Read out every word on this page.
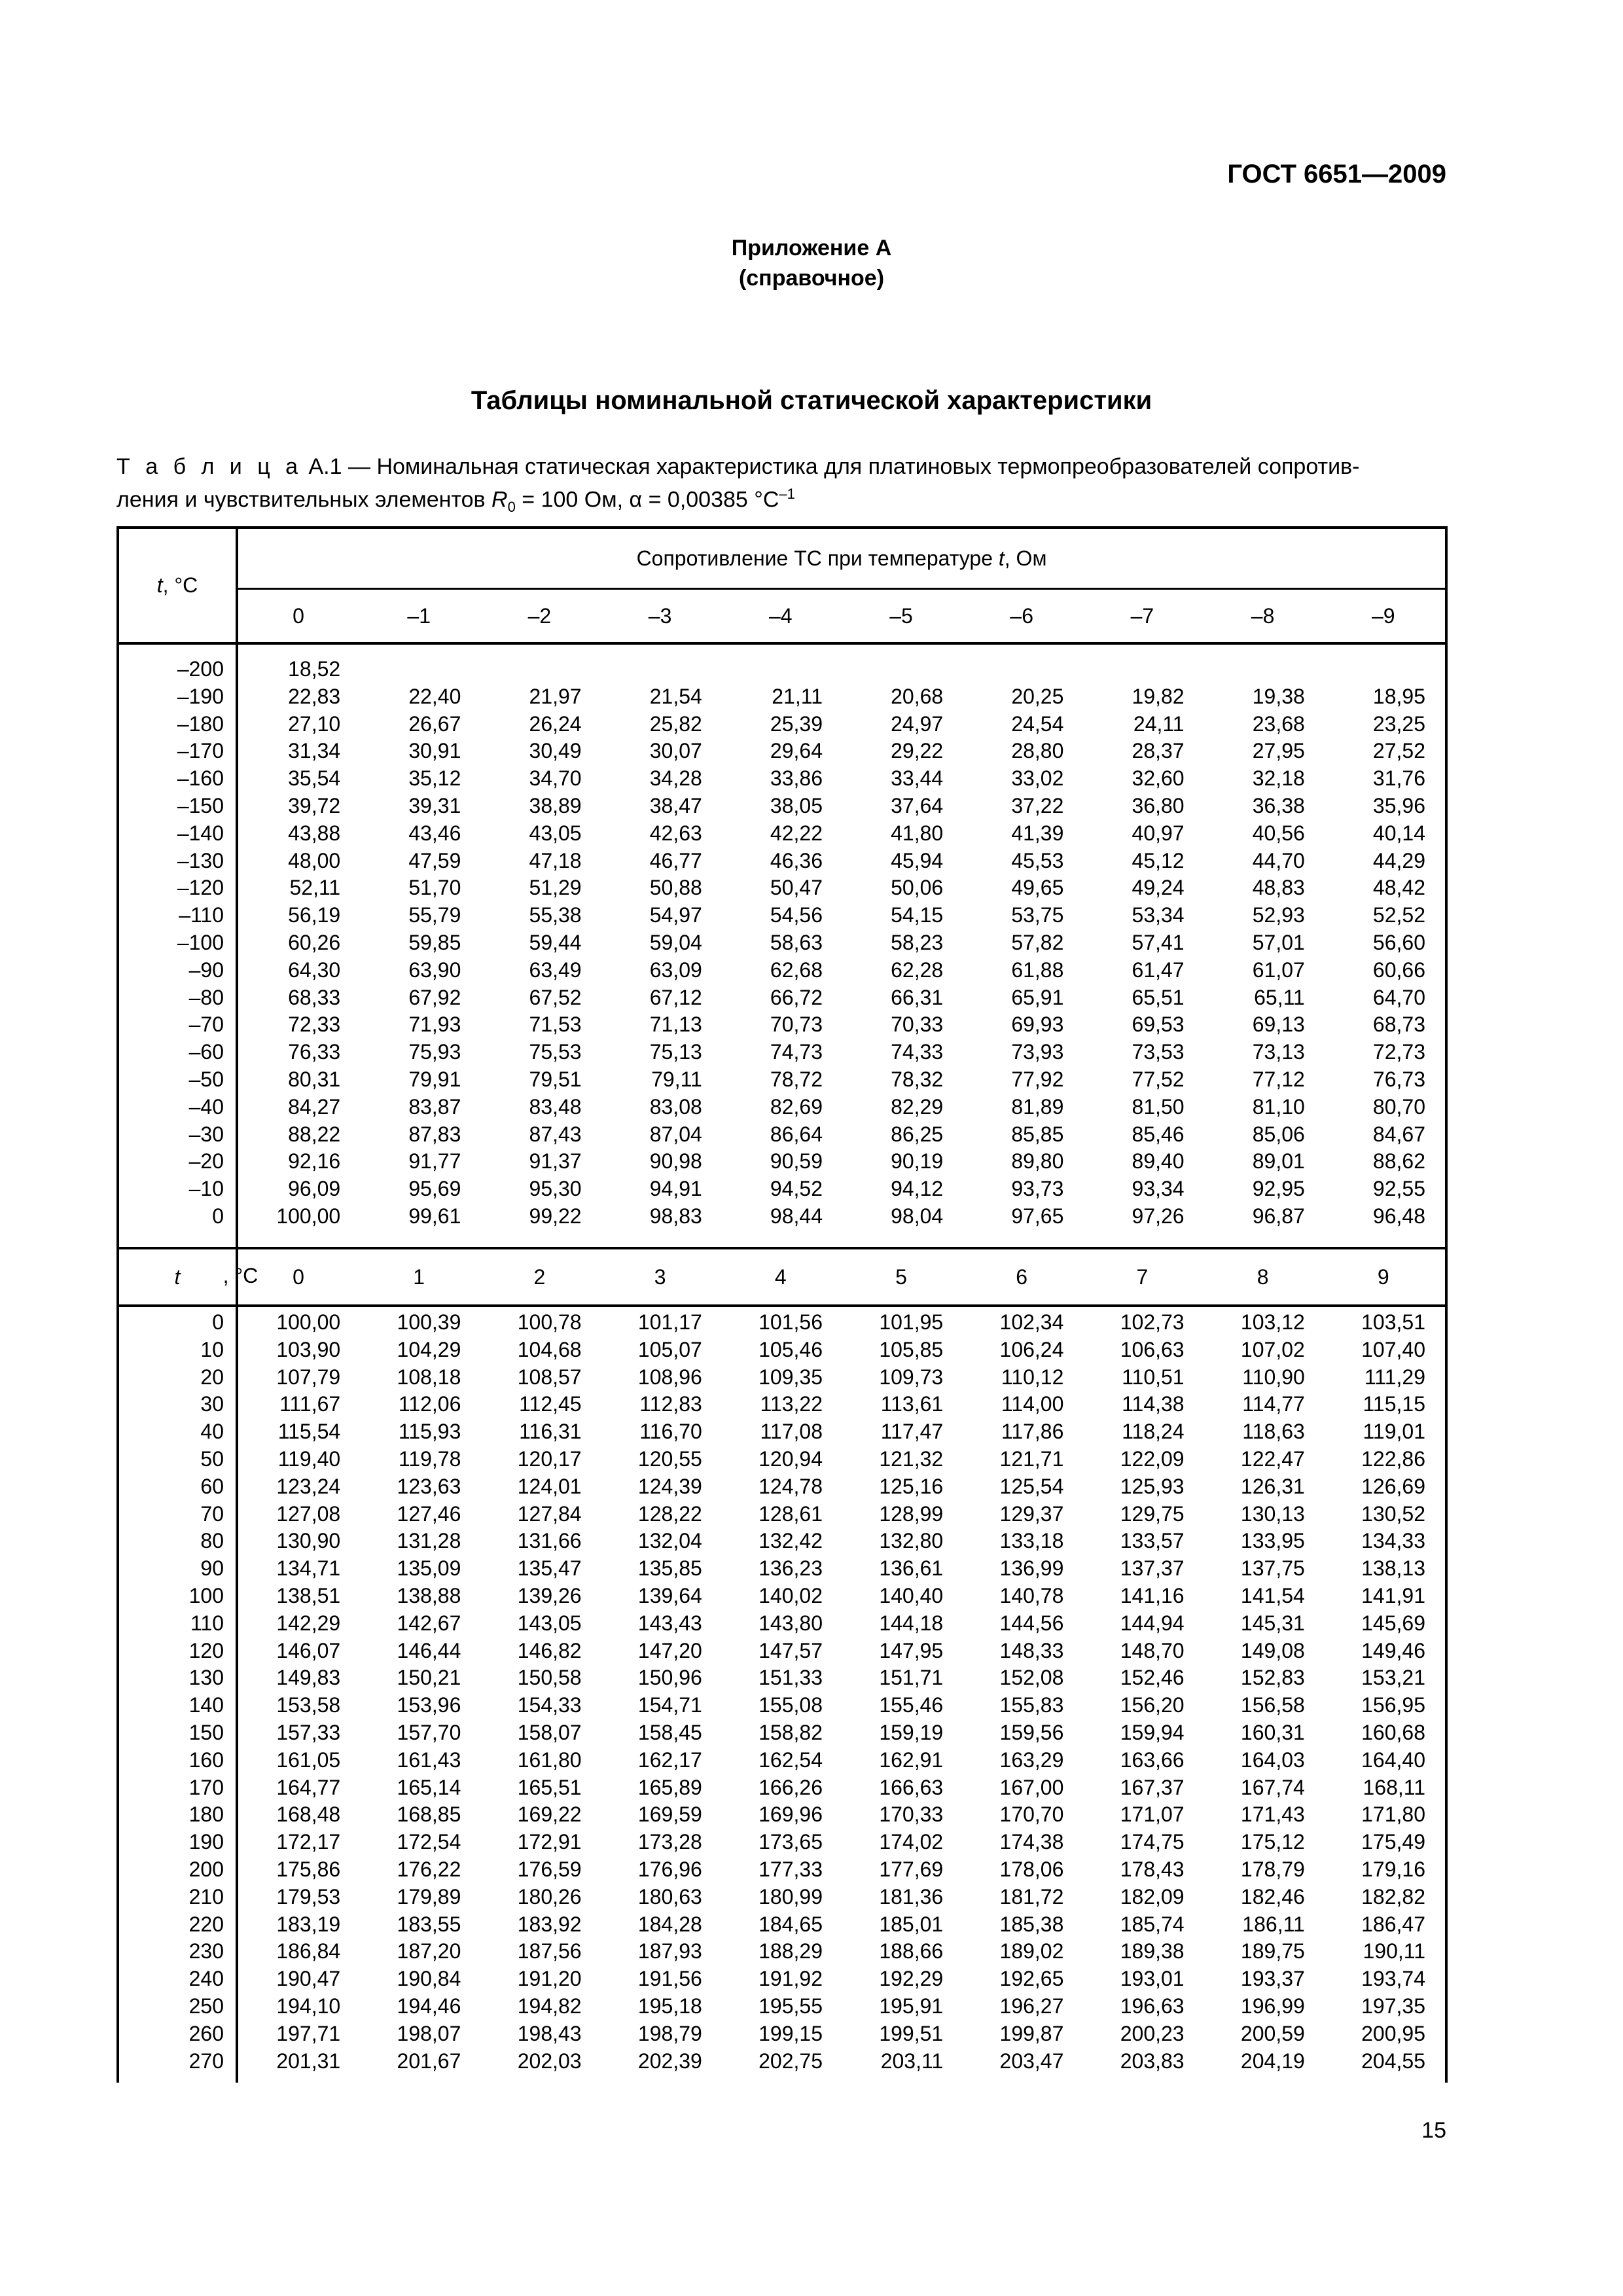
ГОСТ 6651—2009
Приложение А
(справочное)
Таблицы номинальной статической характеристики
Т а б л и ц а А.1 — Номинальная статическая характеристика для платиновых термопреобразователей сопротив-
ления и чувствительных элементов $R_0 = 100$ Ом, α = 0,00385 $^\circ С^{-1}$
t , °С
Сопротивление ТС при температуре
t , Ом
0	–1	–2	–3	–4	–5	–6	–7	–8	–9
–200	18,52
–190	22,83	22,40	21,97	21,54	21,11	20,68	20,25	19,82	19,38	18,95
–180	27,10	26,67	26,24	25,82	25,39	24,97	24,54	24,11	23,68	23,25
–170	31,34	30,91	30,49	30,07	29,64	29,22	28,80	28,37	27,95	27,52
–160	35,54	35,12	34,70	34,28	33,86	33,44	33,02	32,60	32,18	31,76
–150	39,72	39,31	38,89	38,47	38,05	37,64	37,22	36,80	36,38	35,96
–140	43,88	43,46	43,05	42,63	42,22	41,80	41,39	40,97	40,56	40,14
–130	48,00	47,59	47,18	46,77	46,36	45,94	45,53	45,12	44,70	44,29
–120	52,11	51,70	51,29	50,88	50,47	50,06	49,65	49,24	48,83	48,42
–110	56,19	55,79	55,38	54,97	54,56	54,15	53,75	53,34	52,93	52,52
–100	60,26	59,85	59,44	59,04	58,63	58,23	57,82	57,41	57,01	56,60
–90	64,30	63,90	63,49	63,09	62,68	62,28	61,88	61,47	61,07	60,66
–80	68,33	67,92	67,52	67,12	66,72	66,31	65,91	65,51	65,11	64,70
–70	72,33	71,93	71,53	71,13	70,73	70,33	69,93	69,53	69,13	68,73
–60	76,33	75,93	75,53	75,13	74,73	74,33	73,93	73,53	73,13	72,73
–50	80,31	79,91	79,51	79,11	78,72	78,32	77,92	77,52	77,12	76,73
–40	84,27	83,87	83,48	83,08	82,69	82,29	81,89	81,50	81,10	80,70
–30	88,22	87,83	87,43	87,04	86,64	86,25	85,85	85,46	85,06	84,67
–20	92,16	91,77	91,37	90,98	90,59	90,19	89,80	89,40	89,01	88,62
–10	96,09	95,69	95,30	94,91	94,52	94,12	93,73	93,34	92,95	92,55
0	100,00	99,61	99,22	98,83	98,44	98,04	97,65	97,26	96,87	96,48
t	, °С	0	1	2	3	4	5	6	7	8	9
0	100,00	100,39	100,78	101,17	101,56	101,95	102,34	102,73	103,12	103,51
10	103,90	104,29	104,68	105,07	105,46	105,85	106,24	106,63	107,02	107,40
20	107,79	108,18	108,57	108,96	109,35	109,73	110,12	110,51	110,90	111,29
30	111,67	112,06	112,45	112,83	113,22	113,61	114,00	114,38	114,77	115,15
40	115,54	115,93	116,31	116,70	117,08	117,47	117,86	118,24	118,63	119,01
50	119,40	119,78	120,17	120,55	120,94	121,32	121,71	122,09	122,47	122,86
60	123,24	123,63	124,01	124,39	124,78	125,16	125,54	125,93	126,31	126,69
70	127,08	127,46	127,84	128,22	128,61	128,99	129,37	129,75	130,13	130,52
80	130,90	131,28	131,66	132,04	132,42	132,80	133,18	133,57	133,95	134,33
90	134,71	135,09	135,47	135,85	136,23	136,61	136,99	137,37	137,75	138,13
100	138,51	138,88	139,26	139,64	140,02	140,40	140,78	141,16	141,54	141,91
110	142,29	142,67	143,05	143,43	143,80	144,18	144,56	144,94	145,31	145,69
120	146,07	146,44	146,82	147,20	147,57	147,95	148,33	148,70	149,08	149,46
130	149,83	150,21	150,58	150,96	151,33	151,71	152,08	152,46	152,83	153,21
140	153,58	153,96	154,33	154,71	155,08	155,46	155,83	156,20	156,58	156,95
150	157,33	157,70	158,07	158,45	158,82	159,19	159,56	159,94	160,31	160,68
160	161,05	161,43	161,80	162,17	162,54	162,91	163,29	163,66	164,03	164,40
170	164,77	165,14	165,51	165,89	166,26	166,63	167,00	167,37	167,74	168,11
180	168,48	168,85	169,22	169,59	169,96	170,33	170,70	171,07	171,43	171,80
190	172,17	172,54	172,91	173,28	173,65	174,02	174,38	174,75	175,12	175,49
200	175,86	176,22	176,59	176,96	177,33	177,69	178,06	178,43	178,79	179,16
210	179,53	179,89	180,26	180,63	180,99	181,36	181,72	182,09	182,46	182,82
220	183,19	183,55	183,92	184,28	184,65	185,01	185,38	185,74	186,11	186,47
230	186,84	187,20	187,56	187,93	188,29	188,66	189,02	189,38	189,75	190,11
240	190,47	190,84	191,20	191,56	191,92	192,29	192,65	193,01	193,37	193,74
250	194,10	194,46	194,82	195,18	195,55	195,91	196,27	196,63	196,99	197,35
260	197,71	198,07	198,43	198,79	199,15	199,51	199,87	200,23	200,59	200,95
270	201,31	201,67	202,03	202,39	202,75	203,11	203,47	203,83	204,19	204,55
15
